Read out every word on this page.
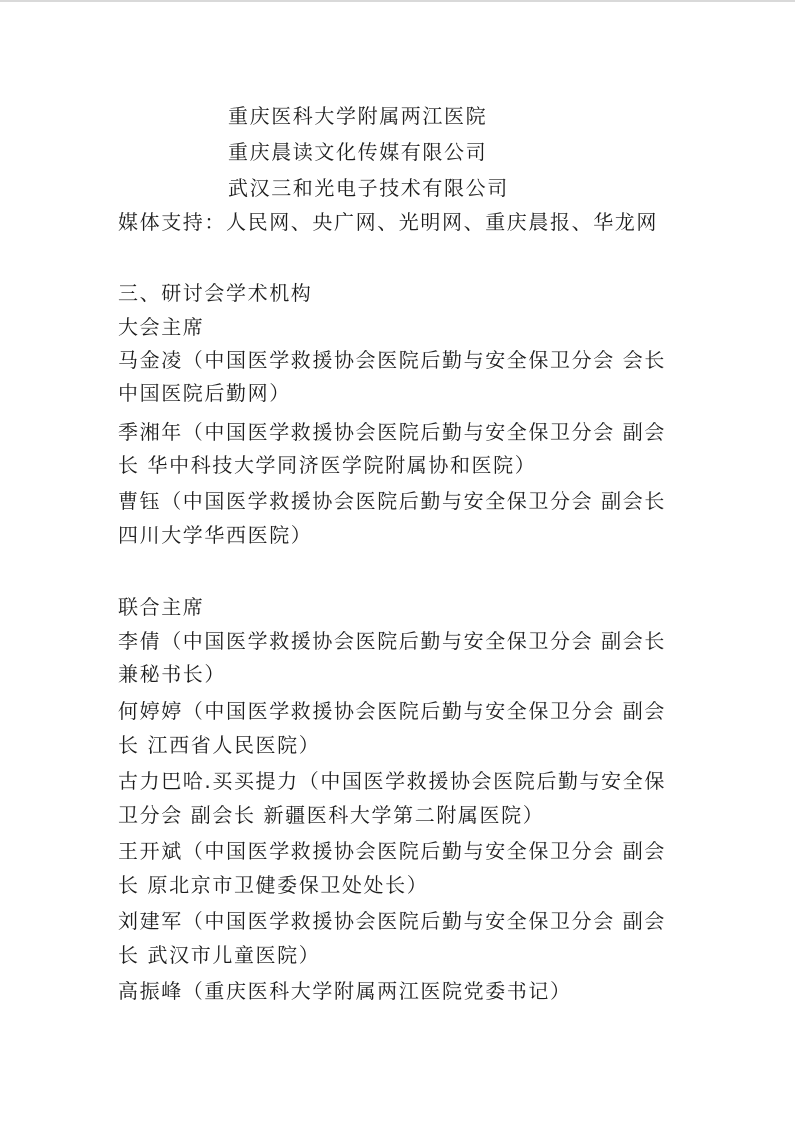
重庆医科大学附属两江医院
重庆晨读文化传媒有限公司
武汉三和光电子技术有限公司
媒体支持：人民网、央广网、光明网、重庆晨报、华龙网
三、研讨会学术机构
大会主席
马金凌（中国医学救援协会医院后勤与安全保卫分会 会长
中国医院后勤网）
季湘年（中国医学救援协会医院后勤与安全保卫分会 副会
长 华中科技大学同济医学院附属协和医院）
曹钰（中国医学救援协会医院后勤与安全保卫分会 副会长
四川大学华西医院）
联合主席
李倩（中国医学救援协会医院后勤与安全保卫分会 副会长
兼秘书长）
何婷婷（中国医学救援协会医院后勤与安全保卫分会 副会
长 江西省人民医院）
古力巴哈.买买提力（中国医学救援协会医院后勤与安全保
卫分会 副会长 新疆医科大学第二附属医院）
王开斌（中国医学救援协会医院后勤与安全保卫分会 副会
长 原北京市卫健委保卫处处长）
刘建军（中国医学救援协会医院后勤与安全保卫分会 副会
长 武汉市儿童医院）
高振峰（重庆医科大学附属两江医院党委书记）
